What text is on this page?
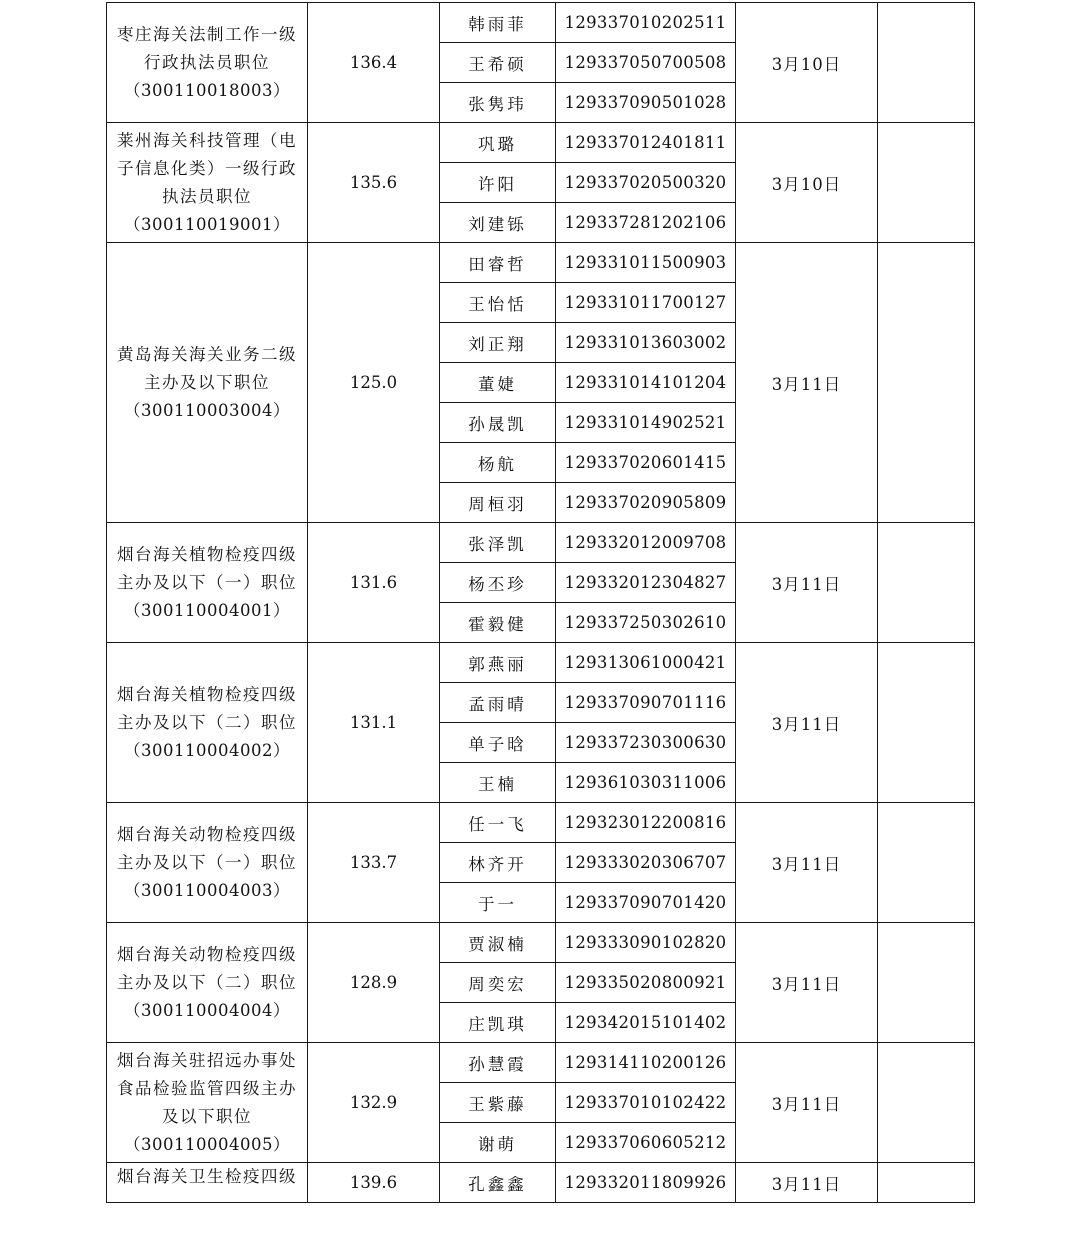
枣庄海关法制工作一级行政执法员职位
（300110018003）	136.4	韩雨菲	129337010202511	3月10日	
		王希硕	129337050700508		
		张隽玮	129337090501028		

莱州海关科技管理（电子信息化类）一级行政执法员职位
（300110019001）	135.6	巩璐	129337012401811	3月10日	
		许阳	129337020500320		
		刘建铄	129337281202106		

黄岛海关海关业务二级主办及以下职位
（300110003004）	125.0	田睿哲	129331011500903	3月11日	
		王怡恬	129331011700127		
		刘正翔	129331013603002		
		董婕	129331014101204		
		孙晟凯	129331014902521		
		杨航	129337020601415		
		周桓羽	129337020905809		

烟台海关植物检疫四级主办及以下（一）职位
（300110004001）	131.6	张泽凯	129332012009708	3月11日	
		杨丕珍	129332012304827		
		霍毅健	129337250302610		

烟台海关植物检疫四级主办及以下（二）职位
（300110004002）	131.1	郭燕丽	129313061000421	3月11日	
		孟雨晴	129337090701116		
		单子晗	129337230300630		
		王楠	129361030311006		

烟台海关动物检疫四级主办及以下（一）职位
（300110004003）	133.7	任一飞	129323012200816	3月11日	
		林齐开	129333020306707		
		于一	129337090701420		

烟台海关动物检疫四级主办及以下（二）职位
（300110004004）	128.9	贾淑楠	129333090102820	3月11日	
		周奕宏	129335020800921		
		庄凯琪	129342015101402		

烟台海关驻招远办事处食品检验监管四级主办及以下职位
（300110004005）	132.9	孙慧霞	129314110200126	3月11日	
		王紫藤	129337010102422		
		谢萌	129337060605212		

烟台海关卫生检疫四级	139.6	孔鑫鑫	129332011809926	3月11日	
